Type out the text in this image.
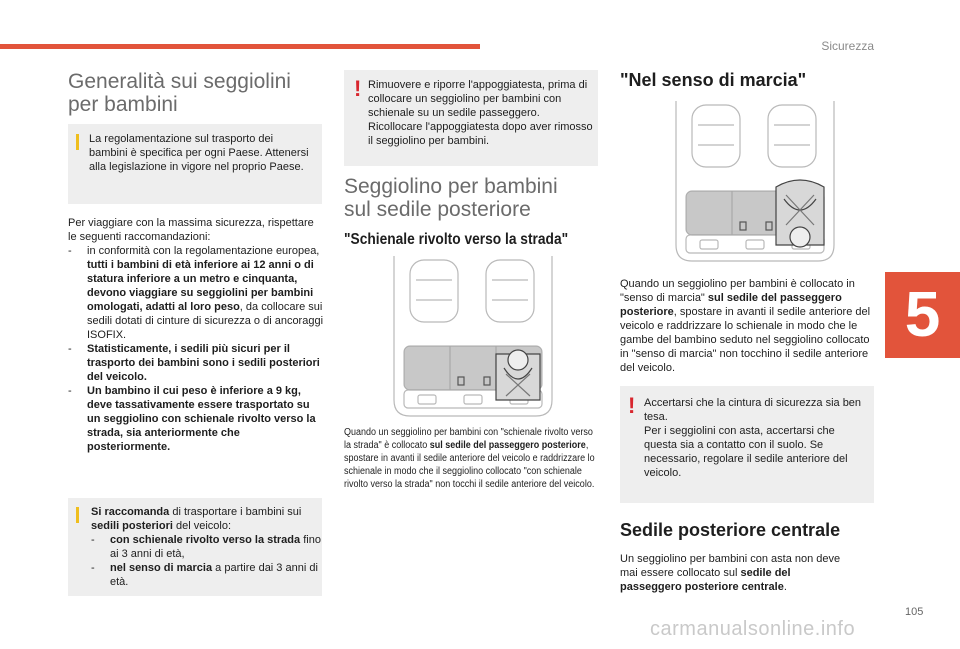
Sicurezza
5
Generalità sui seggiolini
per bambini

La regolamentazione sul trasporto dei bambini è specifica per ogni Paese. Attenersi alla legislazione in vigore nel proprio Paese.

Per viaggiare con la massima sicurezza, rispettare le seguenti raccomandazioni:

- in conformità con la regolamentazione europea, tutti i bambini di età inferiore ai 12 anni o di statura inferiore a un metro e cinquanta, devono viaggiare su seggiolini per bambini omologati, adatti al loro peso, da collocare sui sedili dotati di cinture di sicurezza o di ancoraggi ISOFIX.
- Statisticamente, i sedili più sicuri per il trasporto dei bambini sono i sedili posteriori del veicolo.
- Un bambino il cui peso è inferiore a 9 kg, deve tassativamente essere trasportato su un seggiolino con schienale rivolto verso la strada, sia anteriormente che posteriormente.
Si raccomanda di trasportare i bambini sui sedili posteriori del veicolo:
- con schienale rivolto verso la strada fino ai 3 anni di età,
- nel senso di marcia a partire dai 3 anni di età.
! Rimuovere e riporre l'appoggiatesta, prima di collocare un seggiolino per bambini con schienale su un sedile passeggero. Ricollocare l'appoggiatesta dopo aver rimosso il seggiolino per bambini.

Seggiolino per bambini
sul sedile posteriore
"Schienale rivolto verso la strada"

Quando un seggiolino per bambini con "schienale rivolto verso la strada" è collocato sul sedile del passeggero posteriore, spostare in avanti il sedile anteriore del veicolo e raddrizzare lo schienale in modo che il seggiolino collocato "con schienale rivolto verso la strada" non tocchi il sedile anteriore del veicolo.

"Nel senso di marcia"

Quando un seggiolino per bambini è collocato in "senso di marcia" sul sedile del passeggero posteriore, spostare in avanti il sedile anteriore del veicolo e raddrizzare lo schienale in modo che le gambe del bambino seduto nel seggiolino collocato in "senso di marcia" non tocchino il sedile anteriore del veicolo.

! Accertarsi che la cintura di sicurezza sia ben tesa.
Per i seggiolini con asta, accertarsi che questa sia a contatto con il suolo. Se necessario, regolare il sedile anteriore del veicolo.

Sedile posteriore centrale

Un seggiolino per bambini con asta non deve mai essere collocato sul sedile del passeggero posteriore centrale.

105
carmanualsonline.info
